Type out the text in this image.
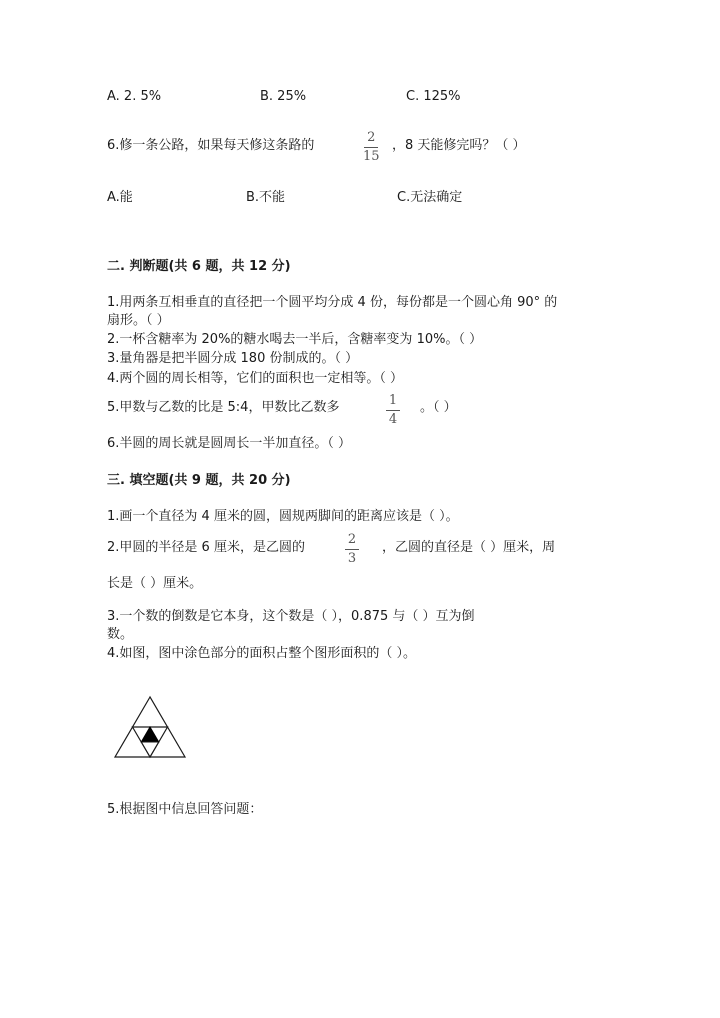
A. 2. 5%	B. 25%	C. 125%
6.修一条公路，如果每天修这条路的
2
15
，8 天能修完吗？（ ）
A.能	B.不能	C.无法确定
二. 判断题(共 6 题，共 12 分)
1.用两条互相垂直的直径把一个圆平均分成 4 份，每份都是一个圆心角 90° 的
扇形。（ ）
2.一杯含糖率为 20%的糖水喝去一半后，含糖率变为 10%。（ ）
3.量角器是把半圆分成 180 份制成的。（ ）
4.两个圆的周长相等，它们的面积也一定相等。（ ）
5.甲数与乙数的比是 5:4，甲数比乙数多	1
4
。（ ）
6.半圆的周长就是圆周长一半加直径。（ ）
三. 填空题(共 9 题，共 20 分)
1.画一个直径为 4 厘米的圆，圆规两脚间的距离应该是（ ）。
2.甲圆的半径是 6 厘米，是乙圆的
2
3
，乙圆的直径是（ ）厘米，周
长是（ ）厘米。
3.一个数的倒数是它本身，这个数是（ ），0.875 与（ ）互为倒
数。
4.如图，图中涂色部分的面积占整个图形面积的（ ）。
5.根据图中信息回答问题：
